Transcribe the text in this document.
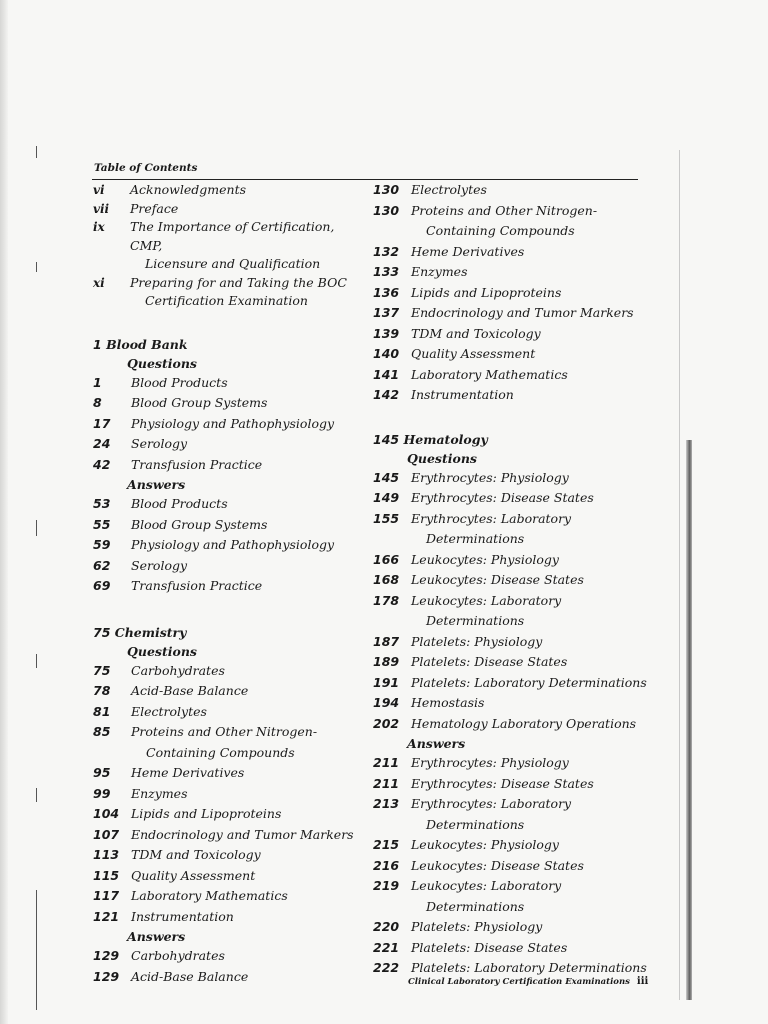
Table of Contents
vi	Acknowledgments
vii	Preface
ix	The Importance of Certification, CMP,
Licensure and Qualification
xi	Preparing for and Taking the BOC
Certification Examination
1 Blood Bank
Questions
1	Blood Products
8	Blood Group Systems
17	Physiology and Pathophysiology
24	Serology
42	Transfusion Practice
Answers
53	Blood Products
55	Blood Group Systems
59	Physiology and Pathophysiology
62	Serology
69	Transfusion Practice
75 Chemistry
Questions
75	Carbohydrates
78	Acid-Base Balance
81	Electrolytes
85	Proteins and Other Nitrogen-
Containing Compounds
95	Heme Derivatives
99	Enzymes
104 Lipids and Lipoproteins
107 Endocrinology and Tumor Markers
113 TDM and Toxicology
115 Quality Assessment
117 Laboratory Mathematics
121 Instrumentation
Answers
129 Carbohydrates
129 Acid-Base Balance
130 Electrolytes
130 Proteins and Other Nitrogen-
Containing Compounds
132 Heme Derivatives
133 Enzymes
136 Lipids and Lipoproteins
137 Endocrinology and Tumor Markers
139 TDM and Toxicology
140 Quality Assessment
141 Laboratory Mathematics
142 Instrumentation
145 Hematology
Questions
145 Erythrocytes: Physiology
149 Erythrocytes: Disease States
155 Erythrocytes: Laboratory
Determinations
166 Leukocytes: Physiology
168 Leukocytes: Disease States
178 Leukocytes: Laboratory
Determinations
187 Platelets: Physiology
189 Platelets: Disease States
191 Platelets: Laboratory Determinations
194 Hemostasis
202 Hematology Laboratory Operations
Answers
211 Erythrocytes: Physiology
211 Erythrocytes: Disease States
213 Erythrocytes: Laboratory
Determinations
215 Leukocytes: Physiology
216 Leukocytes: Disease States
219 Leukocytes: Laboratory
Determinations
220 Platelets: Physiology
221 Platelets: Disease States
222 Platelets: Laboratory Determinations
Clinical Laboratory Certification Examinations iii
